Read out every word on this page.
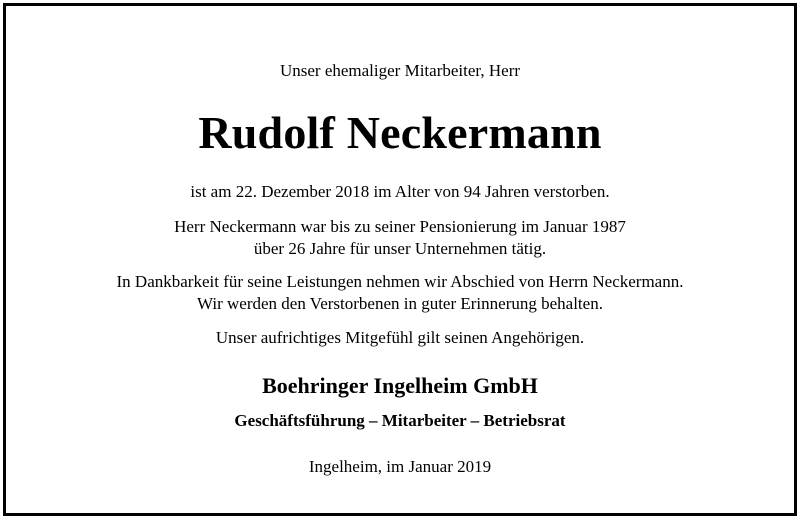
Unser ehemaliger Mitarbeiter, Herr
Rudolf Neckermann
ist am 22. Dezember 2018 im Alter von 94 Jahren verstorben.
Herr Neckermann war bis zu seiner Pensionierung im Januar 1987
über 26 Jahre für unser Unternehmen tätig.
In Dankbarkeit für seine Leistungen nehmen wir Abschied von Herrn Neckermann.
Wir werden den Verstorbenen in guter Erinnerung behalten.
Unser aufrichtiges Mitgefühl gilt seinen Angehörigen.
Boehringer Ingelheim GmbH
Geschäftsführung – Mitarbeiter – Betriebsrat
Ingelheim, im Januar 2019
